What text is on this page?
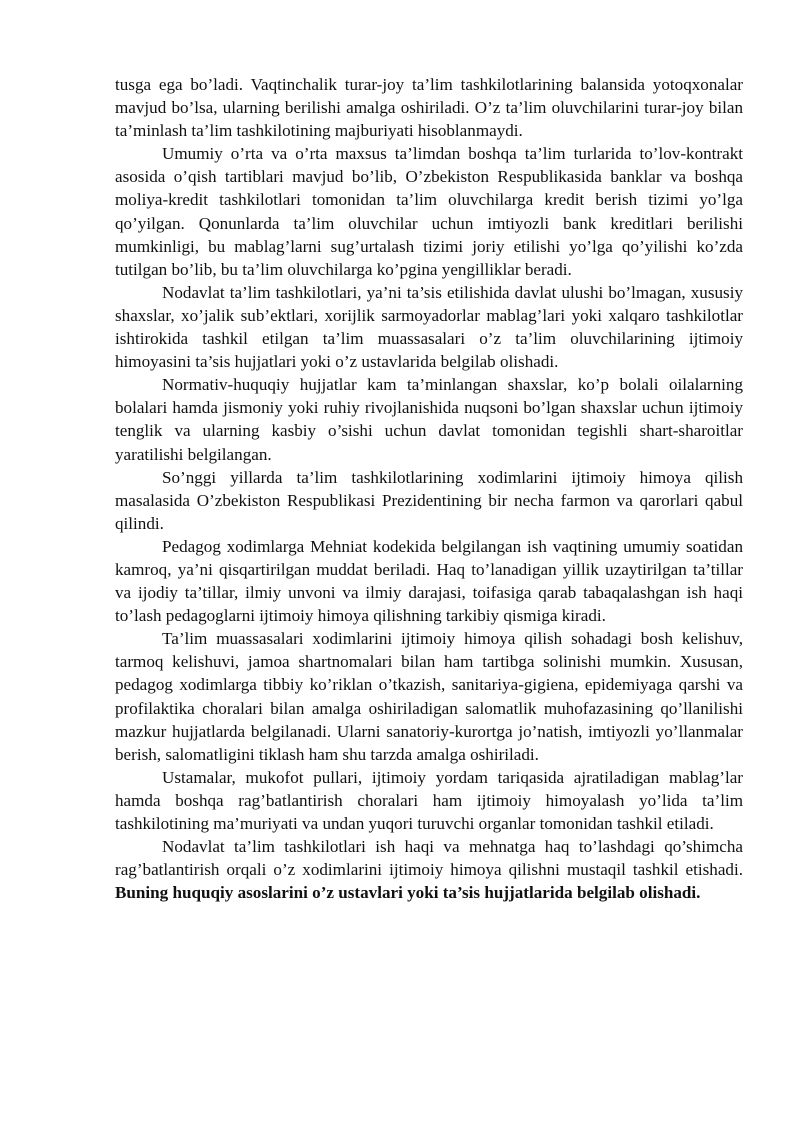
tusga ega bo’ladi. Vaqtinchalik turar-joy ta’lim tashkilotlarining balansida yotoqxonalar mavjud bo’lsa, ularning berilishi amalga oshiriladi. O’z ta’lim oluvchilarini turar-joy bilan ta’minlash ta’lim tashkilotining majburiyati hisoblanmaydi.

Umumiy o’rta va o’rta maxsus ta’limdan boshqa ta’lim turlarida to’lov-kontrakt asosida o’qish tartiblari mavjud bo’lib, O’zbekiston Respublikasida banklar va boshqa moliya-kredit tashkilotlari tomonidan ta’lim oluvchilarga kredit berish tizimi yo’lga qo’yilgan. Qonunlarda ta’lim oluvchilar uchun imtiyozli bank kreditlari berilishi mumkinligi, bu mablag’larni sug’urtalash tizimi joriy etilishi yo’lga qo’yilishi ko’zda tutilgan bo’lib, bu ta’lim oluvchilarga ko’pgina yengilliklar beradi.

Nodavlat ta’lim tashkilotlari, ya’ni ta’sis etilishida davlat ulushi bo’lmagan, xususiy shaxslar, xo’jalik sub’ektlari, xorijlik sarmoyadorlar mablag’lari yoki xalqaro tashkilotlar ishtirokida tashkil etilgan ta’lim muassasalari o’z ta’lim oluvchilarining ijtimoiy himoyasini ta’sis hujjatlari yoki o’z ustavlarida belgilab olishadi.

Normativ-huquqiy hujjatlar kam ta’minlangan shaxslar, ko’p bolali oilalarning bolalari hamda jismoniy yoki ruhiy rivojlanishida nuqsoni bo’lgan shaxslar uchun ijtimoiy tenglik va ularning kasbiy o’sishi uchun davlat tomonidan tegishli shart-sharoitlar yaratilishi belgilangan.

So’nggi yillarda ta’lim tashkilotlarining xodimlarini ijtimoiy himoya qilish masalasida O’zbekiston Respublikasi Prezidentining bir necha farmon va qarorlari qabul qilindi.

Pedagog xodimlarga Mehniat kodekida belgilangan ish vaqtining umumiy soatidan kamroq, ya’ni qisqartirilgan muddat beriladi. Haq to’lanadigan yillik uzaytirilgan ta’tillar va ijodiy ta’tillar, ilmiy unvoni va ilmiy darajasi, toifasiga qarab tabaqalashgan ish haqi to’lash pedagoglarni ijtimoiy himoya qilishning tarkibiy qismiga kiradi.

Ta’lim muassasalari xodimlarini ijtimoiy himoya qilish sohadagi bosh kelishuv, tarmoq kelishuvi, jamoa shartnomalari bilan ham tartibga solinishi mumkin. Xususan, pedagog xodimlarga tibbiy ko’riklan o’tkazish, sanitariya-gigiena, epidemiyaga qarshi va profilaktika choralari bilan amalga oshiriladigan salomatlik muhofazasining qo’llanilishi mazkur hujjatlarda belgilanadi. Ularni sanatoriy-kurortga jo’natish, imtiyozli yo’llanmalar berish, salomatligini tiklash ham shu tarzda amalga oshiriladi.

Ustamalar, mukofot pullari, ijtimoiy yordam tariqasida ajratiladigan mablag’lar hamda boshqa rag’batlantirish choralari ham ijtimoiy himoyalash yo’lida ta’lim tashkilotining ma’muriyati va undan yuqori turuvchi organlar tomonidan tashkil etiladi.

Nodavlat ta’lim tashkilotlari ish haqi va mehnatga haq to’lashdagi qo’shimcha rag’batlantirish orqali o’z xodimlarini ijtimoiy himoya qilishni mustaqil tashkil etishadi. Buning huquqiy asoslarini o’z ustavlari yoki ta’sis hujjatlarida belgilab olishadi.
